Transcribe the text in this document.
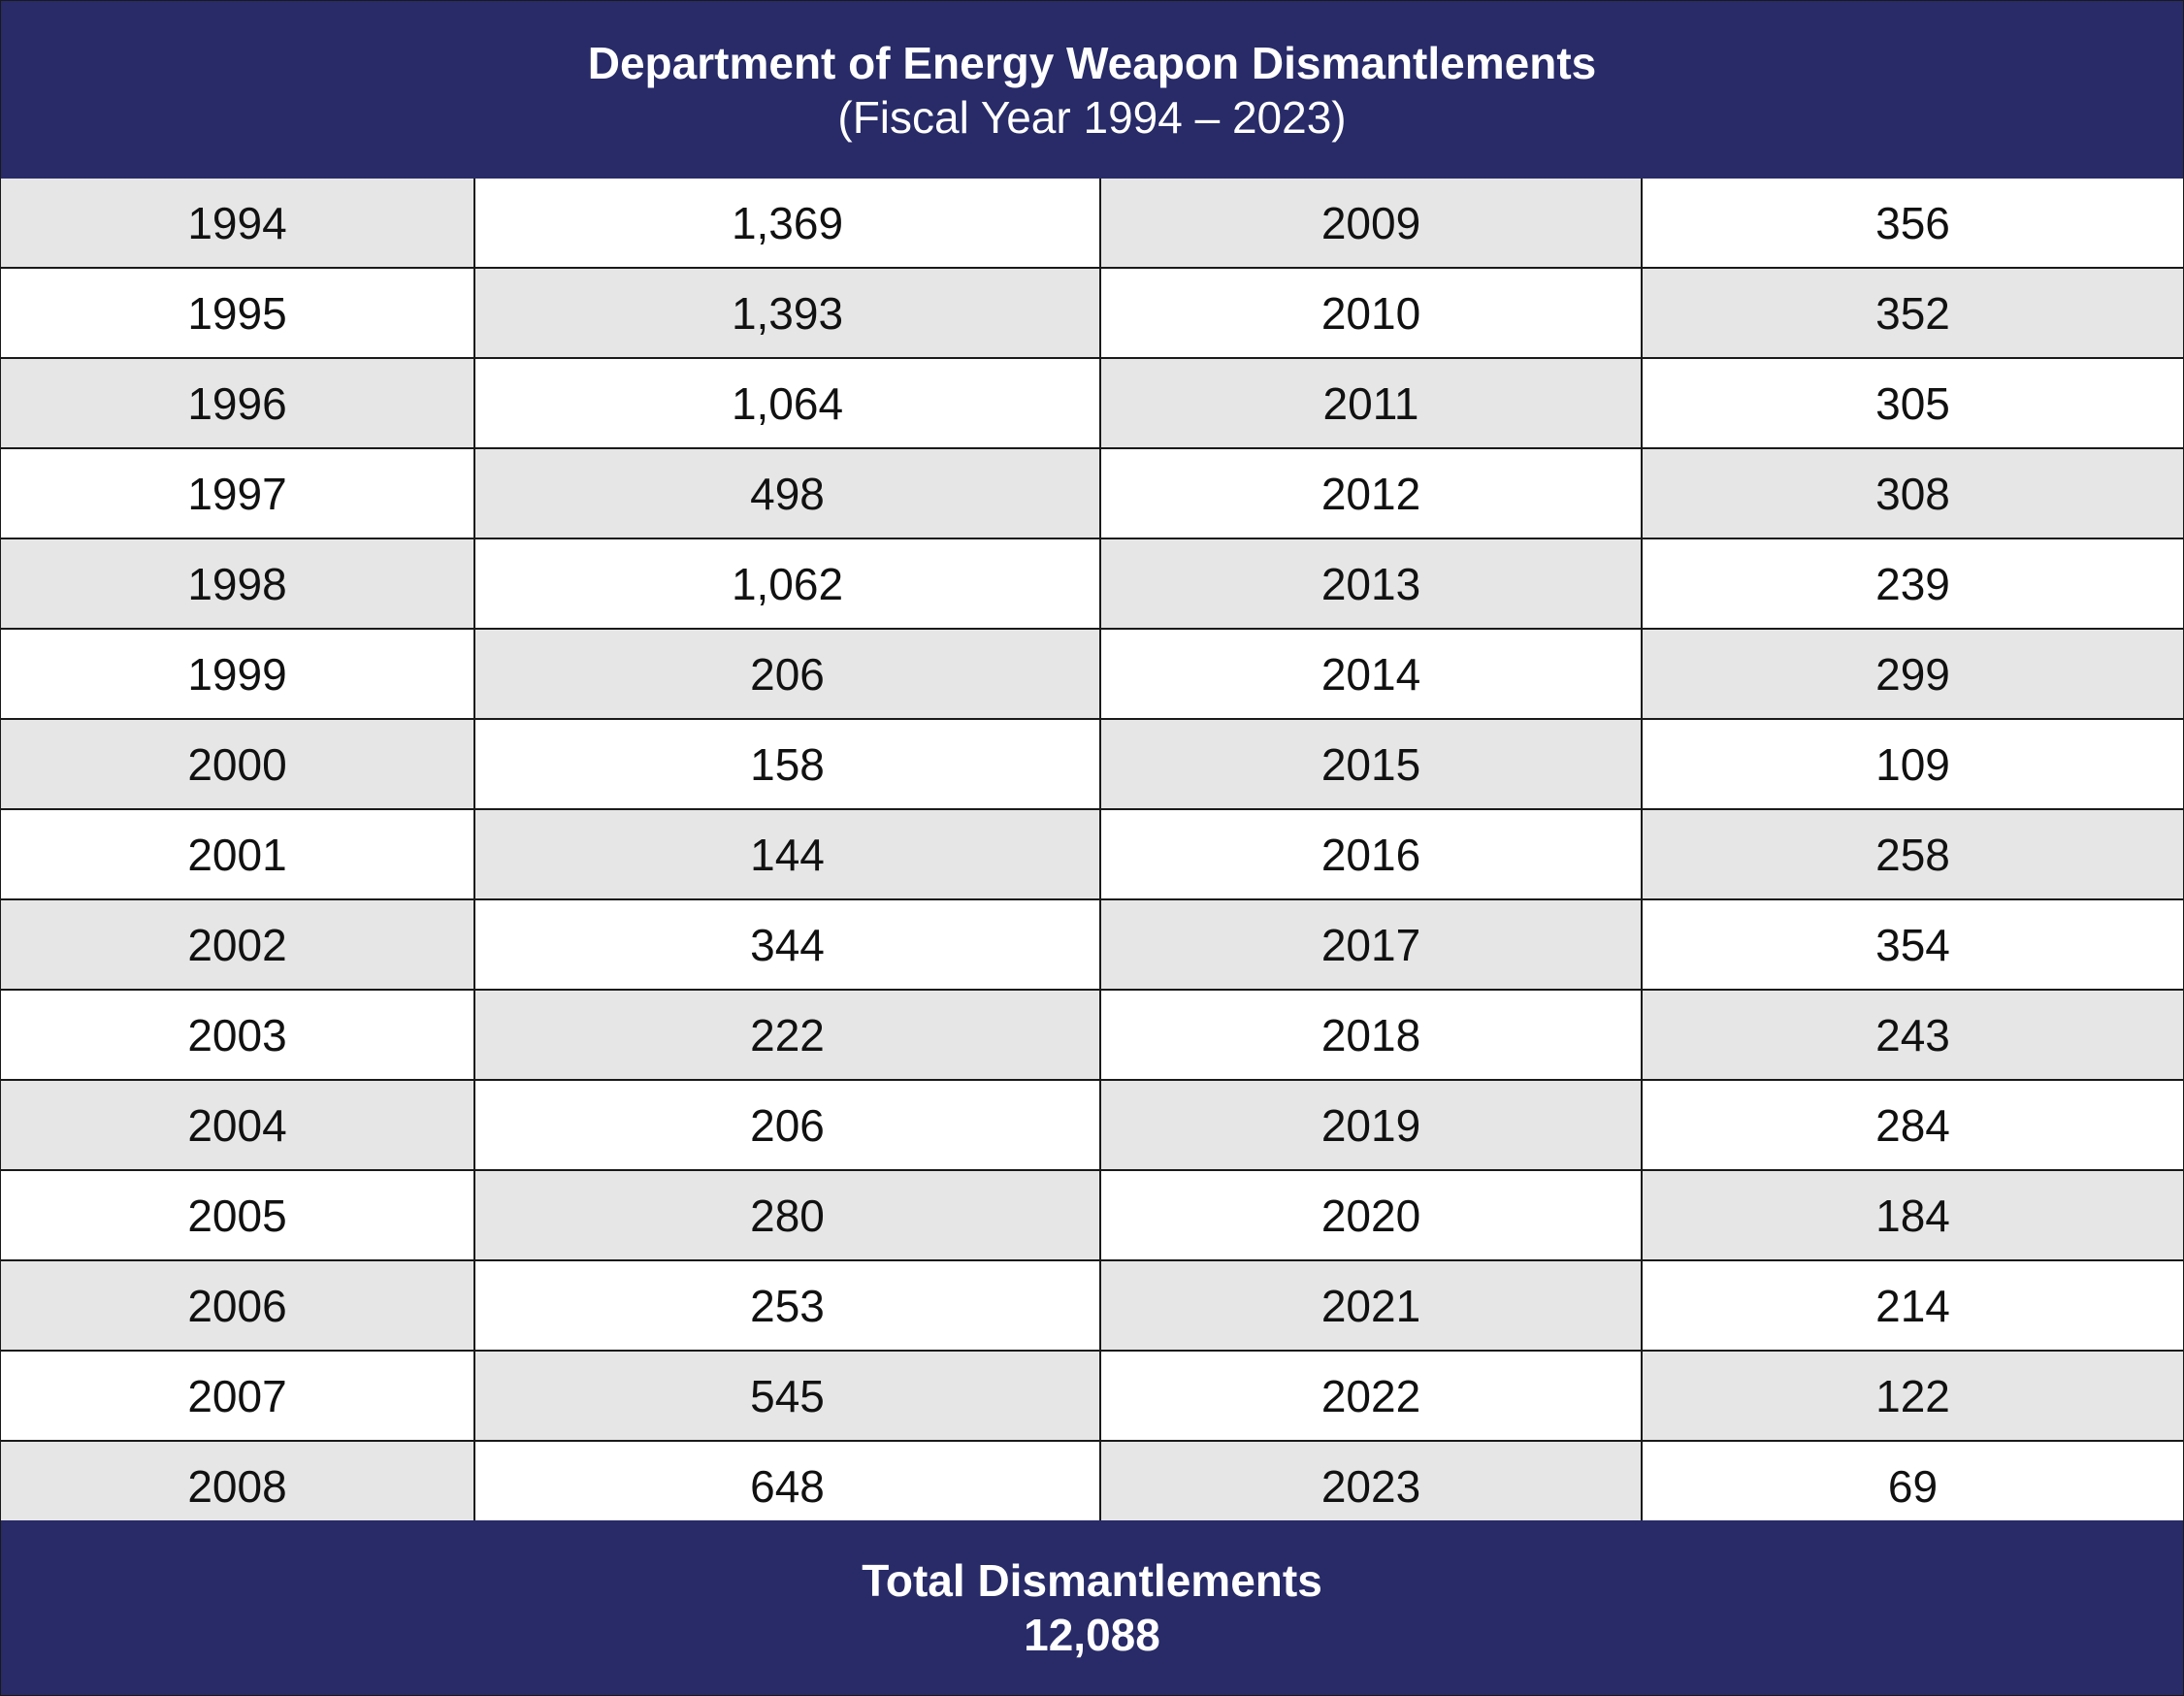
Department of Energy Weapon Dismantlements
(Fiscal Year 1994 – 2023)
1994	1,369	2009	356
1995	1,393	2010	352
1996	1,064	2011	305
1997	498	2012	308
1998	1,062	2013	239
1999	206	2014	299
2000	158	2015	109
2001	144	2016	258
2002	344	2017	354
2003	222	2018	243
2004	206	2019	284
2005	280	2020	184
2006	253	2021	214
2007	545	2022	122
2008	648	2023	69
Total Dismantlements
12,088
